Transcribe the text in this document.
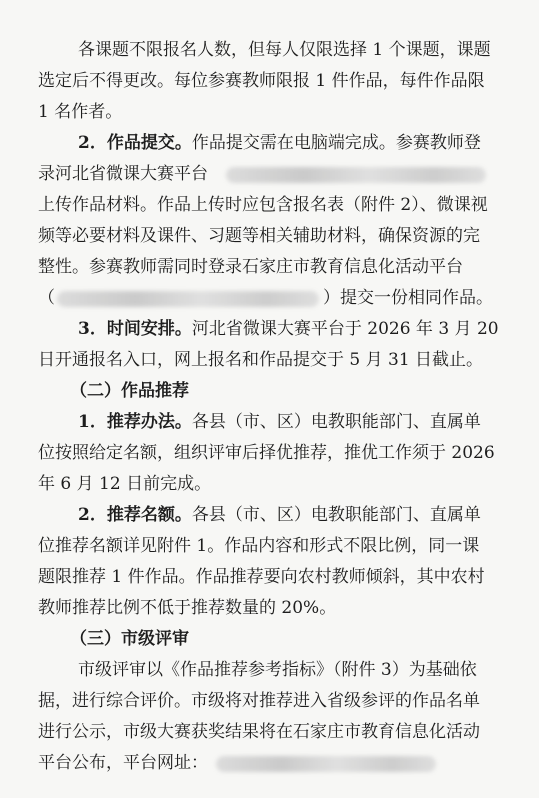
各课题不限报名人数，但每人仅限选择 1 个课题，课题
选定后不得更改。每位参赛教师限报 1 件作品，每件作品限
1 名作者。
2．作品提交。作品提交需在电脑端完成。参赛教师登
录河北省微课大赛平台
上传作品材料。作品上传时应包含报名表（附件 2）、微课视
频等必要材料及课件、习题等相关辅助材料，确保资源的完
整性。参赛教师需同时登录石家庄市教育信息化活动平台
（	）提交一份相同作品。
3．时间安排。河北省微课大赛平台于 2026 年 3 月 20
日开通报名入口，网上报名和作品提交于 5 月 31 日截止。
（二）作品推荐
1．推荐办法。各县（市、区）电教职能部门、直属单
位按照给定名额，组织评审后择优推荐，推优工作须于 2026
年 6 月 12 日前完成。
2．推荐名额。各县（市、区）电教职能部门、直属单
位推荐名额详见附件 1。作品内容和形式不限比例，同一课
题限推荐 1 件作品。作品推荐要向农村教师倾斜，其中农村
教师推荐比例不低于推荐数量的 20%。
（三）市级评审
市级评审以《作品推荐参考指标》（附件 3）为基础依
据，进行综合评价。市级将对推荐进入省级参评的作品名单
进行公示，市级大赛获奖结果将在石家庄市教育信息化活动
平台公布，平台网址：
